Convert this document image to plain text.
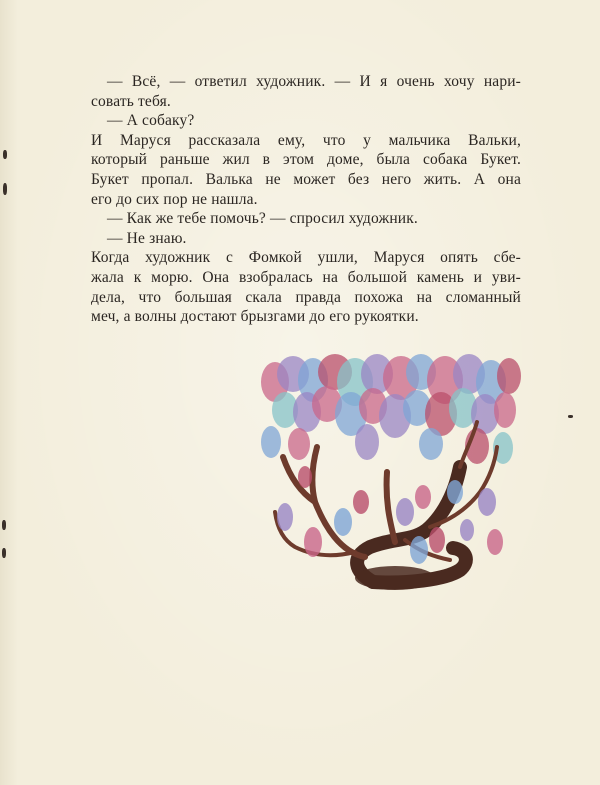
— Всё, — ответил художник. — И я очень хочу нари-
совать тебя.
— А собаку?
И Маруся рассказала ему, что у мальчика Вальки,
который раньше жил в этом доме, была собака Букет.
Букет пропал. Валька не может без него жить. А она
его до сих пор не нашла.
— Как же тебе помочь? — спросил художник.
— Не знаю.
Когда художник с Фомкой ушли, Маруся опять сбе-
жала к морю. Она взобралась на большой камень и уви-
дела, что большая скала правда похожа на сломанный
меч, а волны достают брызгами до его рукоятки.
